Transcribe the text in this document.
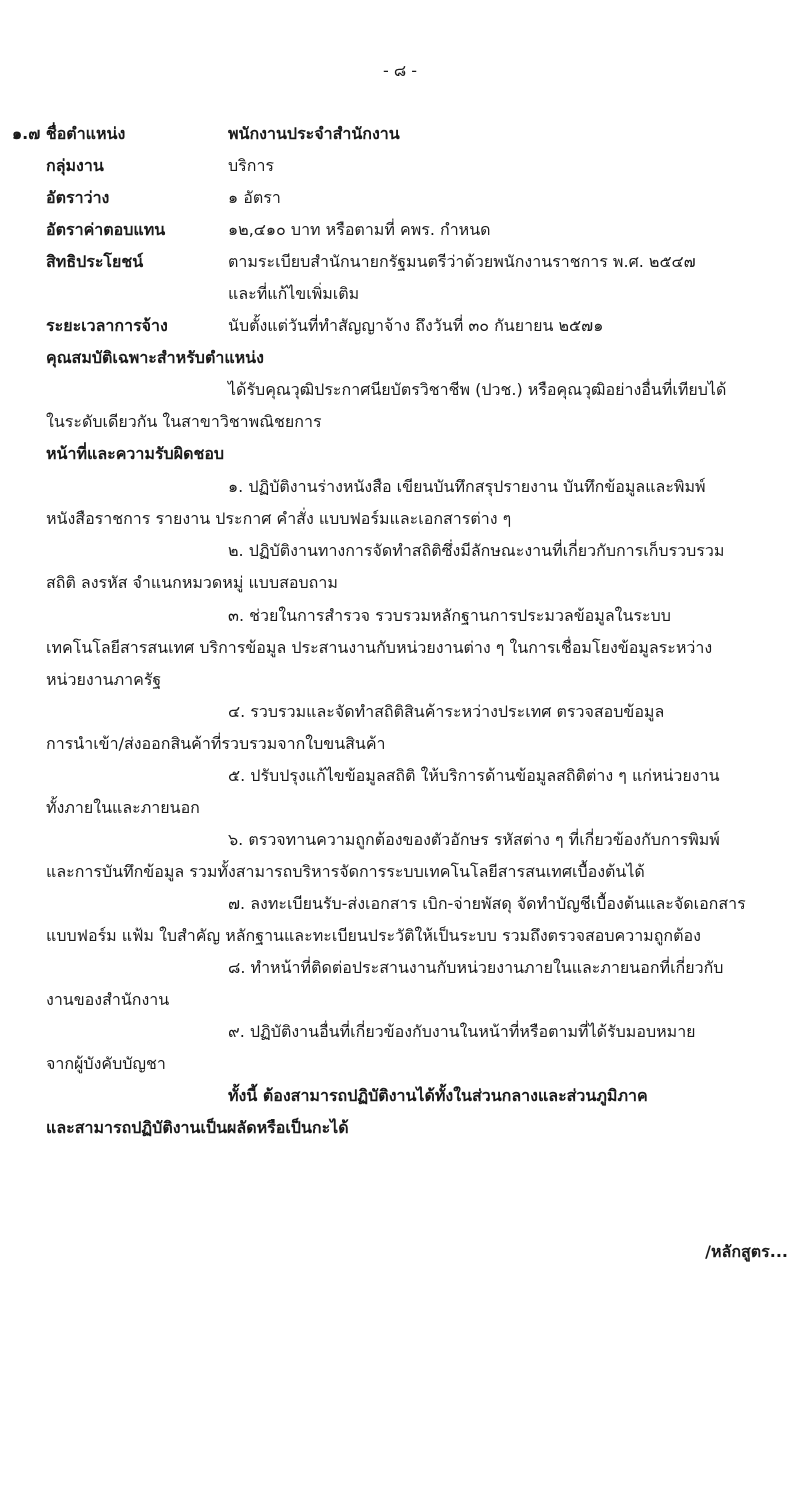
- ๘ -
๑.๗ ชื่อตำแหน่ง	พนักงานประจำสำนักงาน
กลุ่มงาน	บริการ
อัตราว่าง	๑ อัตรา
อัตราค่าตอบแทน	๑๒,๔๑๐ บาท หรือตามที่ คพร. กำหนด
สิทธิประโยชน์	ตามระเบียบสำนักนายกรัฐมนตรีว่าด้วยพนักงานราชการ พ.ศ. ๒๕๔๗
และที่แก้ไขเพิ่มเติม
ระยะเวลาการจ้าง	นับตั้งแต่วันที่ทำสัญญาจ้าง ถึงวันที่ ๓๐ กันยายน ๒๕๗๑
คุณสมบัติเฉพาะสำหรับตำแหน่ง
ได้รับคุณวุฒิประกาศนียบัตรวิชาชีพ (ปวช.) หรือคุณวุฒิอย่างอื่นที่เทียบได้
ในระดับเดียวกัน ในสาขาวิชาพณิชยการ
หน้าที่และความรับผิดชอบ
๑. ปฏิบัติงานร่างหนังสือ เขียนบันทึกสรุปรายงาน บันทึกข้อมูลและพิมพ์
หนังสือราชการ รายงาน ประกาศ คำสั่ง แบบฟอร์มและเอกสารต่าง ๆ
๒. ปฏิบัติงานทางการจัดทำสถิติซึ่งมีลักษณะงานที่เกี่ยวกับการเก็บรวบรวม
สถิติ ลงรหัส จำแนกหมวดหมู่ แบบสอบถาม
๓. ช่วยในการสำรวจ รวบรวมหลักฐานการประมวลข้อมูลในระบบ
เทคโนโลยีสารสนเทศ บริการข้อมูล ประสานงานกับหน่วยงานต่าง ๆ ในการเชื่อมโยงข้อมูลระหว่าง
หน่วยงานภาครัฐ
๔. รวบรวมและจัดทำสถิติสินค้าระหว่างประเทศ ตรวจสอบข้อมูล
การนำเข้า/ส่งออกสินค้าที่รวบรวมจากใบขนสินค้า
๕. ปรับปรุงแก้ไขข้อมูลสถิติ ให้บริการด้านข้อมูลสถิติต่าง ๆ แก่หน่วยงาน
ทั้งภายในและภายนอก
๖. ตรวจทานความถูกต้องของตัวอักษร รหัสต่าง ๆ ที่เกี่ยวข้องกับการพิมพ์
และการบันทึกข้อมูล รวมทั้งสามารถบริหารจัดการระบบเทคโนโลยีสารสนเทศเบื้องต้นได้
๗. ลงทะเบียนรับ-ส่งเอกสาร เบิก-จ่ายพัสดุ จัดทำบัญชีเบื้องต้นและจัดเอกสาร
แบบฟอร์ม แฟ้ม ใบสำคัญ หลักฐานและทะเบียนประวัติให้เป็นระบบ รวมถึงตรวจสอบความถูกต้อง
๘. ทำหน้าที่ติดต่อประสานงานกับหน่วยงานภายในและภายนอกที่เกี่ยวกับ
งานของสำนักงาน
๙. ปฏิบัติงานอื่นที่เกี่ยวข้องกับงานในหน้าที่หรือตามที่ได้รับมอบหมาย
จากผู้บังคับบัญชา
ทั้งนี้ ต้องสามารถปฏิบัติงานได้ทั้งในส่วนกลางและส่วนภูมิภาค
และสามารถปฏิบัติงานเป็นผลัดหรือเป็นกะได้
/หลักสูตร...
